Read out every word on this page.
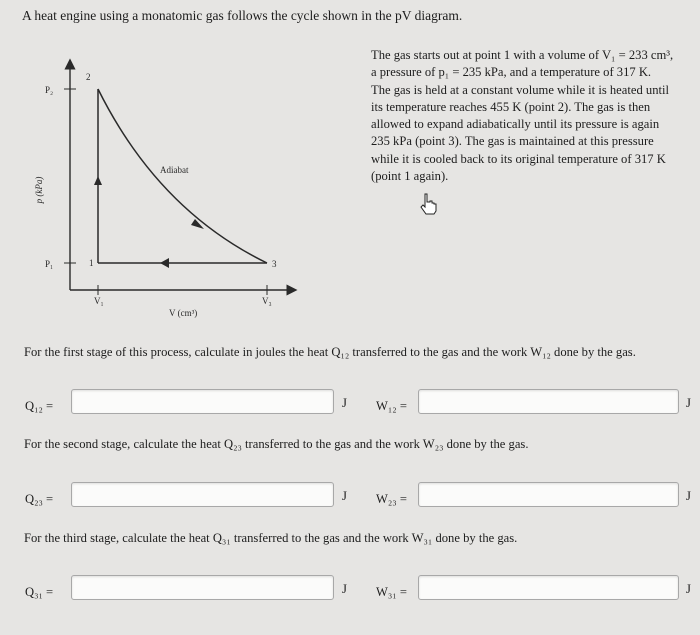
A heat engine using a monatomic gas follows the cycle shown in the pV diagram.
The gas starts out at point 1 with a volume of V₁ = 233 cm³,
a pressure of p₁ = 235 kPa, and a temperature of 317 K.
The gas is held at a constant volume while it is heated until
its temperature reaches 455 K (point 2). The gas is then
allowed to expand adiabatically until its pressure is again
235 kPa (point 3). The gas is maintained at this pressure
while it is cooled back to its original temperature of 317 K
(point 1 again).
P₂
P₁
V₁	V₃
2
1	3
Adiabat
V (cm³)
p (kPa)
For the first stage of this process, calculate in joules the heat Q₁₂ transferred to the gas and the work W₁₂ done by the gas.
Q₁₂ =	J W₁₂ =	J
For the second stage, calculate the heat Q₂₃ transferred to the gas and the work W₂₃ done by the gas.
Q₂₃ =	J W₂₃ =	J
For the third stage, calculate the heat Q₃₁ transferred to the gas and the work W₃₁ done by the gas.
Q₃₁ =	J W₃₁ =	J
